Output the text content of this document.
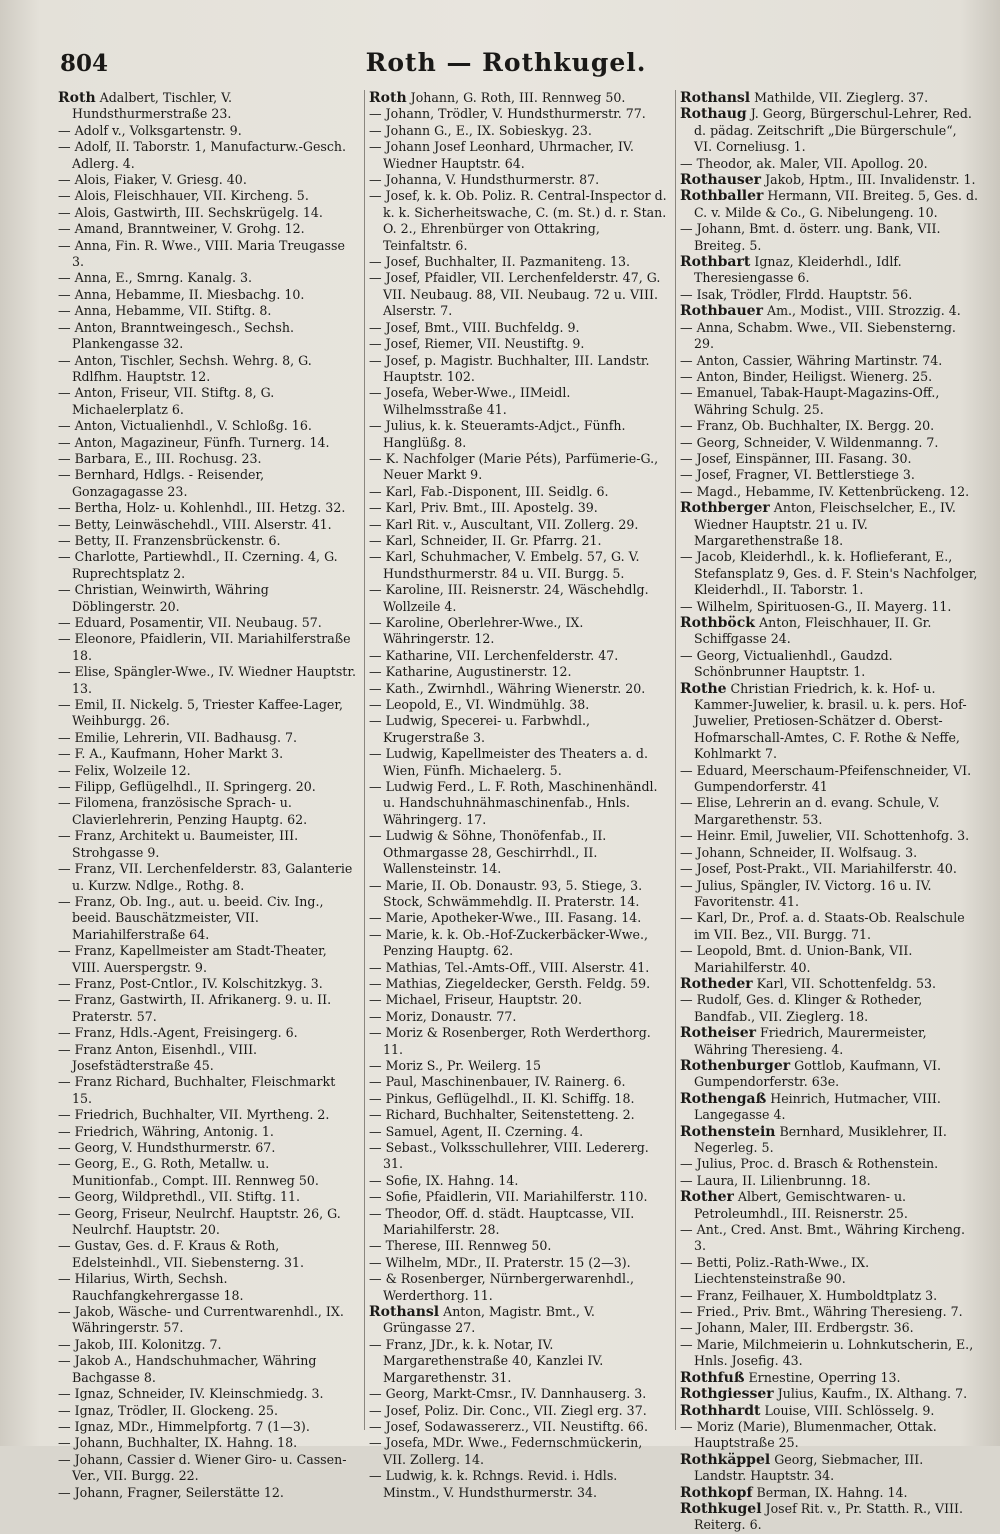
804	Roth — Rothkugel.

Roth Adalbert, Tischler, V. Hundsthurmerstraße 23.

— Adolf v., Volksgartenstr. 9.

— Adolf, II. Taborstr. 1, Manufacturw.-Gesch. Adlerg. 4.

— Alois, Fiaker, V. Griesg. 40.

— Alois, Fleischhauer, VII. Kircheng. 5.

— Alois, Gastwirth, III. Sechskrügelg. 14.

— Amand, Branntweiner, V. Grohg. 12.

— Anna, Fin. R. Wwe., VIII. Maria Treugasse 3.

— Anna, E., Smrng. Kanalg. 3.

— Anna, Hebamme, II. Miesbachg. 10.

— Anna, Hebamme, VII. Stiftg. 8.

— Anton, Branntweingesch., Sechsh. Plankengasse 32.

— Anton, Tischler, Sechsh. Wehrg. 8, G. Rdlfhm. Hauptstr. 12.

— Anton, Friseur, VII. Stiftg. 8, G. Michaelerplatz 6.

— Anton, Victualienhdl., V. Schloßg. 16.

— Anton, Magazineur, Fünfh. Turnerg. 14.

— Barbara, E., III. Rochusg. 23.

— Bernhard, Hdlgs. - Reisender, Gonzagagasse 23.

— Bertha, Holz- u. Kohlenhdl., III. Hetzg. 32.

— Betty, Leinwäschehdl., VIII. Alserstr. 41.

— Betty, II. Franzensbrückenstr. 6.

— Charlotte, Partiewhdl., II. Czerning. 4, G. Ruprechtsplatz 2.

— Christian, Weinwirth, Währing Döblingerstr. 20.

— Eduard, Posamentir, VII. Neubaug. 57.

— Eleonore, Pfaidlerin, VII. Mariahilferstraße 18.

— Elise, Spängler-Wwe., IV. Wiedner Hauptstr. 13.

— Emil, II. Nickelg. 5, Triester Kaffee-Lager, Weihburgg. 26.

— Emilie, Lehrerin, VII. Badhausg. 7.

— F. A., Kaufmann, Hoher Markt 3.

— Felix, Wolzeile 12.

— Filipp, Geflügelhdl., II. Springerg. 20.

— Filomena, französische Sprach- u. Clavierlehrerin, Penzing Hauptg. 62.

— Franz, Architekt u. Baumeister, III. Strohgasse 9.

— Franz, VII. Lerchenfelderstr. 83, Galanterie u. Kurzw. Ndlge., Rothg. 8.

— Franz, Ob. Ing., aut. u. beeid. Civ. Ing., beeid. Bauschätzmeister, VII. Mariahilferstraße 64.

— Franz, Kapellmeister am Stadt-Theater, VIII. Auerspergstr. 9.

— Franz, Post-Cntlor., IV. Kolschitzkyg. 3.

— Franz, Gastwirth, II. Afrikanerg. 9. u. II. Praterstr. 57.

— Franz, Hdls.-Agent, Freisingerg. 6.

— Franz Anton, Eisenhdl., VIII. Josefstädterstraße 45.

— Franz Richard, Buchhalter, Fleischmarkt 15.

— Friedrich, Buchhalter, VII. Myrtheng. 2.

— Friedrich, Währing, Antonig. 1.

— Georg, V. Hundsthurmerstr. 67.

— Georg, E., G. Roth, Metallw. u. Munitionfab., Compt. III. Rennweg 50.

— Georg, Wildprethdl., VII. Stiftg. 11.

— Georg, Friseur, Neulrchf. Hauptstr. 26, G. Neulrchf. Hauptstr. 20.

— Gustav, Ges. d. F. Kraus & Roth, Edelsteinhdl., VII. Siebensterng. 31.

— Hilarius, Wirth, Sechsh. Rauchfangkehrergasse 18.

— Jakob, Wäsche- und Currentwarenhdl., IX. Währingerstr. 57.

— Jakob, III. Kolonitzg. 7.

— Jakob A., Handschuhmacher, Währing Bachgasse 8.

— Ignaz, Schneider, IV. Kleinschmiedg. 3.

— Ignaz, Trödler, II. Glockeng. 25.

— Ignaz, MDr., Himmelpfortg. 7 (1—3).

— Johann, Buchhalter, IX. Hahng. 18.

— Johann, Cassier d. Wiener Giro- u. Cassen-Ver., VII. Burgg. 22.

— Johann, Fragner, Seilerstätte 12.

Roth Johann, G. Roth, III. Rennweg 50.

— Johann, Trödler, V. Hundsthurmerstr. 77.

— Johann G., E., IX. Sobieskyg. 23.

— Johann Josef Leonhard, Uhrmacher, IV. Wiedner Hauptstr. 64.

— Johanna, V. Hundsthurmerstr. 87.

— Josef, k. k. Ob. Poliz. R. Central-Inspector d. k. k. Sicherheitswache, C. (m. St.) d. r. Stan. O. 2., Ehrenbürger von Ottakring, Teinfaltstr. 6.

— Josef, Buchhalter, II. Pazmaniteng. 13.

— Josef, Pfaidler, VII. Lerchenfelderstr. 47, G. VII. Neubaug. 88, VII. Neubaug. 72 u. VIII. Alserstr. 7.

— Josef, Bmt., VIII. Buchfeldg. 9.

— Josef, Riemer, VII. Neustiftg. 9.

— Josef, p. Magistr. Buchhalter, III. Landstr. Hauptstr. 102.

— Josefa, Weber-Wwe., IIMeidl. Wilhelmsstraße 41.

— Julius, k. k. Steueramts-Adjct., Fünfh. Hanglüßg. 8.

— K. Nachfolger (Marie Péts), Parfümerie-G., Neuer Markt 9.

— Karl, Fab.-Disponent, III. Seidlg. 6.

— Karl, Priv. Bmt., III. Apostelg. 39.

— Karl Rit. v., Auscultant, VII. Zollerg. 29.

— Karl, Schneider, II. Gr. Pfarrg. 21.

— Karl, Schuhmacher, V. Embelg. 57, G. V. Hundsthurmerstr. 84 u. VII. Burgg. 5.

— Karoline, III. Reisnerstr. 24, Wäschehdlg. Wollzeile 4.

— Karoline, Oberlehrer-Wwe., IX. Währingerstr. 12.

— Katharine, VII. Lerchenfelderstr. 47.

— Katharine, Augustinerstr. 12.

— Kath., Zwirnhdl., Währing Wienerstr. 20.

— Leopold, E., VI. Windmühlg. 38.

— Ludwig, Specerei- u. Farbwhdl., Krugerstraße 3.

— Ludwig, Kapellmeister des Theaters a. d. Wien, Fünfh. Michaelerg. 5.

— Ludwig Ferd., L. F. Roth, Maschinenhändl. u. Handschuhnähmaschinenfab., Hnls. Währingerg. 17.

— Ludwig & Söhne, Thonöfenfab., II. Othmargasse 28, Geschirrhdl., II. Wallensteinstr. 14.

— Marie, II. Ob. Donaustr. 93, 5. Stiege, 3. Stock, Schwämmehdlg. II. Praterstr. 14.

— Marie, Apotheker-Wwe., III. Fasang. 14.

— Marie, k. k. Ob.-Hof-Zuckerbäcker-Wwe., Penzing Hauptg. 62.

— Mathias, Tel.-Amts-Off., VIII. Alserstr. 41.

— Mathias, Ziegeldecker, Gersth. Feldg. 59.

— Michael, Friseur, Hauptstr. 20.

— Moriz, Donaustr. 77.

— Moriz & Rosenberger, Roth Werderthorg. 11.

— Moriz S., Pr. Weilerg. 15

— Paul, Maschinenbauer, IV. Rainerg. 6.

— Pinkus, Geflügelhdl., II. Kl. Schiffg. 18.

— Richard, Buchhalter, Seitenstetteng. 2.

— Samuel, Agent, II. Czerning. 4.

— Sebast., Volksschullehrer, VIII. Ledererg. 31.

— Sofie, IX. Hahng. 14.

— Sofie, Pfaidlerin, VII. Mariahilferstr. 110.

— Theodor, Off. d. städt. Hauptcasse, VII. Mariahilferstr. 28.

— Therese, III. Rennweg 50.

— Wilhelm, MDr., II. Praterstr. 15 (2—3).

— & Rosenberger, Nürnbergerwarenhdl., Werderthorg. 11.

Rothansl Anton, Magistr. Bmt., V. Grüngasse 27.

— Franz, JDr., k. k. Notar, IV. Margarethenstraße 40, Kanzlei IV. Margarethenstr. 31.

— Georg, Markt-Cmsr., IV. Dannhauserg. 3.

— Josef, Poliz. Dir. Conc., VII. Ziegl erg. 37.

— Josef, Sodawassererz., VII. Neustiftg. 66.

— Josefa, MDr. Wwe., Federnschmückerin, VII. Zollerg. 14.

— Ludwig, k. k. Rchngs. Revid. i. Hdls. Minstm., V. Hundsthurmerstr. 34.

Rothansl Mathilde, VII. Zieglerg. 37.

Rothaug J. Georg, Bürgerschul-Lehrer, Red. d. pädag. Zeitschrift „Die Bürgerschule“, VI. Corneliusg. 1.

— Theodor, ak. Maler, VII. Apollog. 20.

Rothauser Jakob, Hptm., III. Invalidenstr. 1.

Rothballer Hermann, VII. Breiteg. 5, Ges. d. C. v. Milde & Co., G. Nibelungeng. 10.

— Johann, Bmt. d. österr. ung. Bank, VII. Breiteg. 5.

Rothbart Ignaz, Kleiderhdl., Idlf. Theresiengasse 6.

— Isak, Trödler, Flrdd. Hauptstr. 56.

Rothbauer Am., Modist., VIII. Strozzig. 4.

— Anna, Schabm. Wwe., VII. Siebensterng. 29.

— Anton, Cassier, Währing Martinstr. 74.

— Anton, Binder, Heiligst. Wienerg. 25.

— Emanuel, Tabak-Haupt-Magazins-Off., Währing Schulg. 25.

— Franz, Ob. Buchhalter, IX. Bergg. 20.

— Georg, Schneider, V. Wildenmanng. 7.

— Josef, Einspänner, III. Fasang. 30.

— Josef, Fragner, VI. Bettlerstiege 3.

— Magd., Hebamme, IV. Kettenbrückeng. 12.

Rothberger Anton, Fleischselcher, E., IV. Wiedner Hauptstr. 21 u. IV. Margarethenstraße 18.

— Jacob, Kleiderhdl., k. k. Hoflieferant, E., Stefansplatz 9, Ges. d. F. Stein's Nachfolger, Kleiderhdl., II. Taborstr. 1.

— Wilhelm, Spirituosen-G., II. Mayerg. 11.

Rothböck Anton, Fleischhauer, II. Gr. Schiffgasse 24.

— Georg, Victualienhdl., Gaudzd. Schönbrunner Hauptstr. 1.

Rothe Christian Friedrich, k. k. Hof- u. Kammer-Juwelier, k. brasil. u. k. pers. Hof-Juwelier, Pretiosen-Schätzer d. Oberst-Hofmarschall-Amtes, C. F. Rothe & Neffe, Kohlmarkt 7.

— Eduard, Meerschaum-Pfeifenschneider, VI. Gumpendorferstr. 41

— Elise, Lehrerin an d. evang. Schule, V. Margarethenstr. 53.

— Heinr. Emil, Juwelier, VII. Schottenhofg. 3.

— Johann, Schneider, II. Wolfsaug. 3.

— Josef, Post-Prakt., VII. Mariahilferstr. 40.

— Julius, Spängler, IV. Victorg. 16 u. IV. Favoritenstr. 41.

— Karl, Dr., Prof. a. d. Staats-Ob. Realschule im VII. Bez., VII. Burgg. 71.

— Leopold, Bmt. d. Union-Bank, VII. Mariahilferstr. 40.

Rotheder Karl, VII. Schottenfeldg. 53.

— Rudolf, Ges. d. Klinger & Rotheder, Bandfab., VII. Zieglerg. 18.

Rotheiser Friedrich, Maurermeister, Währing Theresieng. 4.

Rothenburger Gottlob, Kaufmann, VI. Gumpendorferstr. 63e.

Rothengaß Heinrich, Hutmacher, VIII. Langegasse 4.

Rothenstein Bernhard, Musiklehrer, II. Negerleg. 5.

— Julius, Proc. d. Brasch & Rothenstein.

— Laura, II. Lilienbrunng. 18.

Rother Albert, Gemischtwaren- u. Petroleumhdl., III. Reisnerstr. 25.

— Ant., Cred. Anst. Bmt., Währing Kircheng. 3.

— Betti, Poliz.-Rath-Wwe., IX. Liechtensteinstraße 90.

— Franz, Feilhauer, X. Humboldtplatz 3.

— Fried., Priv. Bmt., Währing Theresieng. 7.

— Johann, Maler, III. Erdbergstr. 36.

— Marie, Milchmeierin u. Lohnkutscherin, E., Hnls. Josefig. 43.

Rothfuß Ernestine, Operring 13.

Rothgiesser Julius, Kaufm., IX. Althang. 7.

Rothhardt Louise, VIII. Schlösselg. 9.

— Moriz (Marie), Blumenmacher, Ottak. Hauptstraße 25.

Rothkäppel Georg, Siebmacher, III. Landstr. Hauptstr. 34.

Rothkopf Berman, IX. Hahng. 14.

Rothkugel Josef Rit. v., Pr. Statth. R., VIII. Reiterg. 6.
